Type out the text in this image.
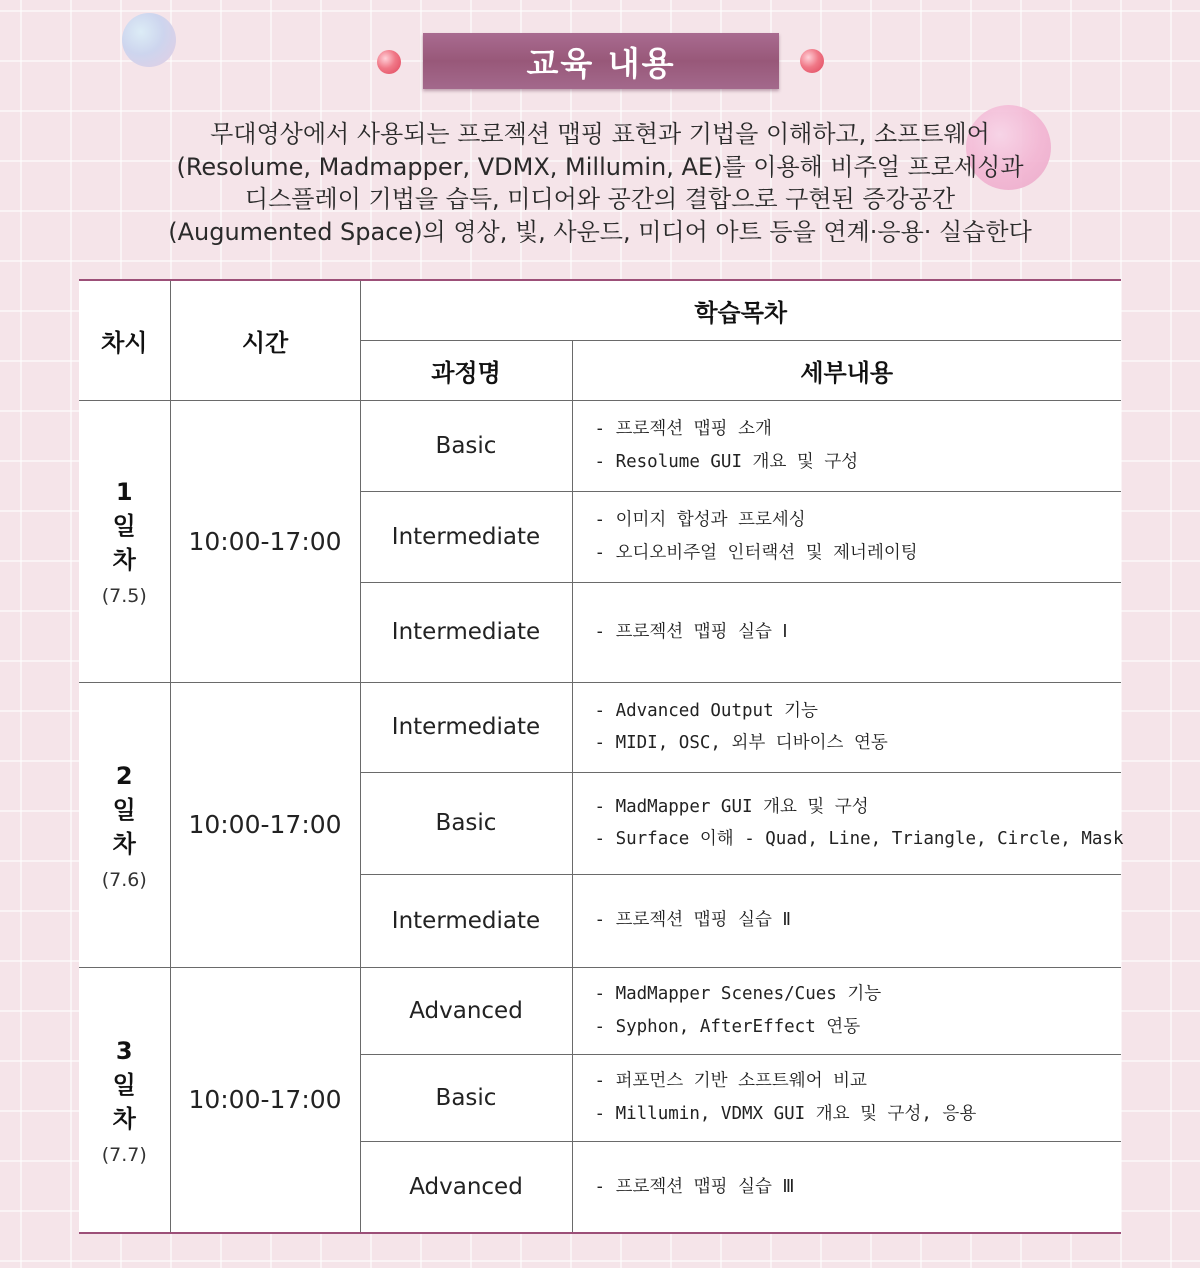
교육 내용
무대영상에서 사용되는 프로젝션 맵핑 표현과 기법을 이해하고, 소프트웨어
(Resolume, Madmapper, VDMX, Millumin, AE)를 이용해 비주얼 프로세싱과
디스플레이 기법을 습득, 미디어와 공간의 결합으로 구현된 증강공간
(Augumented Space)의 영상, 빛, 사운드, 미디어 아트 등을 연계·응용· 실습한다
차시	시간	학습목차	
		과정명	세부내용

1일차
(7.5)	10:00-17:00	Basic	- 프로젝션 맵핑 소개
- Resolume GUI 개요 및 구성

		Intermediate	- 이미지 합성과 프로세싱
- 오디오비주얼 인터랙션 및 제너레이팅

		Intermediate	- 프로젝션 맵핑 실습 Ⅰ

2일차
(7.6)	10:00-17:00	Intermediate	- Advanced Output 기능
- MIDI, OSC, 외부 디바이스 연동

		Basic	- MadMapper GUI 개요 및 구성
- Surface 이해 - Quad, Line, Triangle, Circle, Mask

		Intermediate	- 프로젝션 맵핑 실습 Ⅱ

3일차
(7.7)	10:00-17:00	Advanced	- MadMapper Scenes/Cues 기능
- Syphon, AfterEffect 연동

		Basic	- 퍼포먼스 기반 소프트웨어 비교
- Millumin, VDMX GUI 개요 및 구성, 응용

		Advanced	- 프로젝션 맵핑 실습 Ⅲ
